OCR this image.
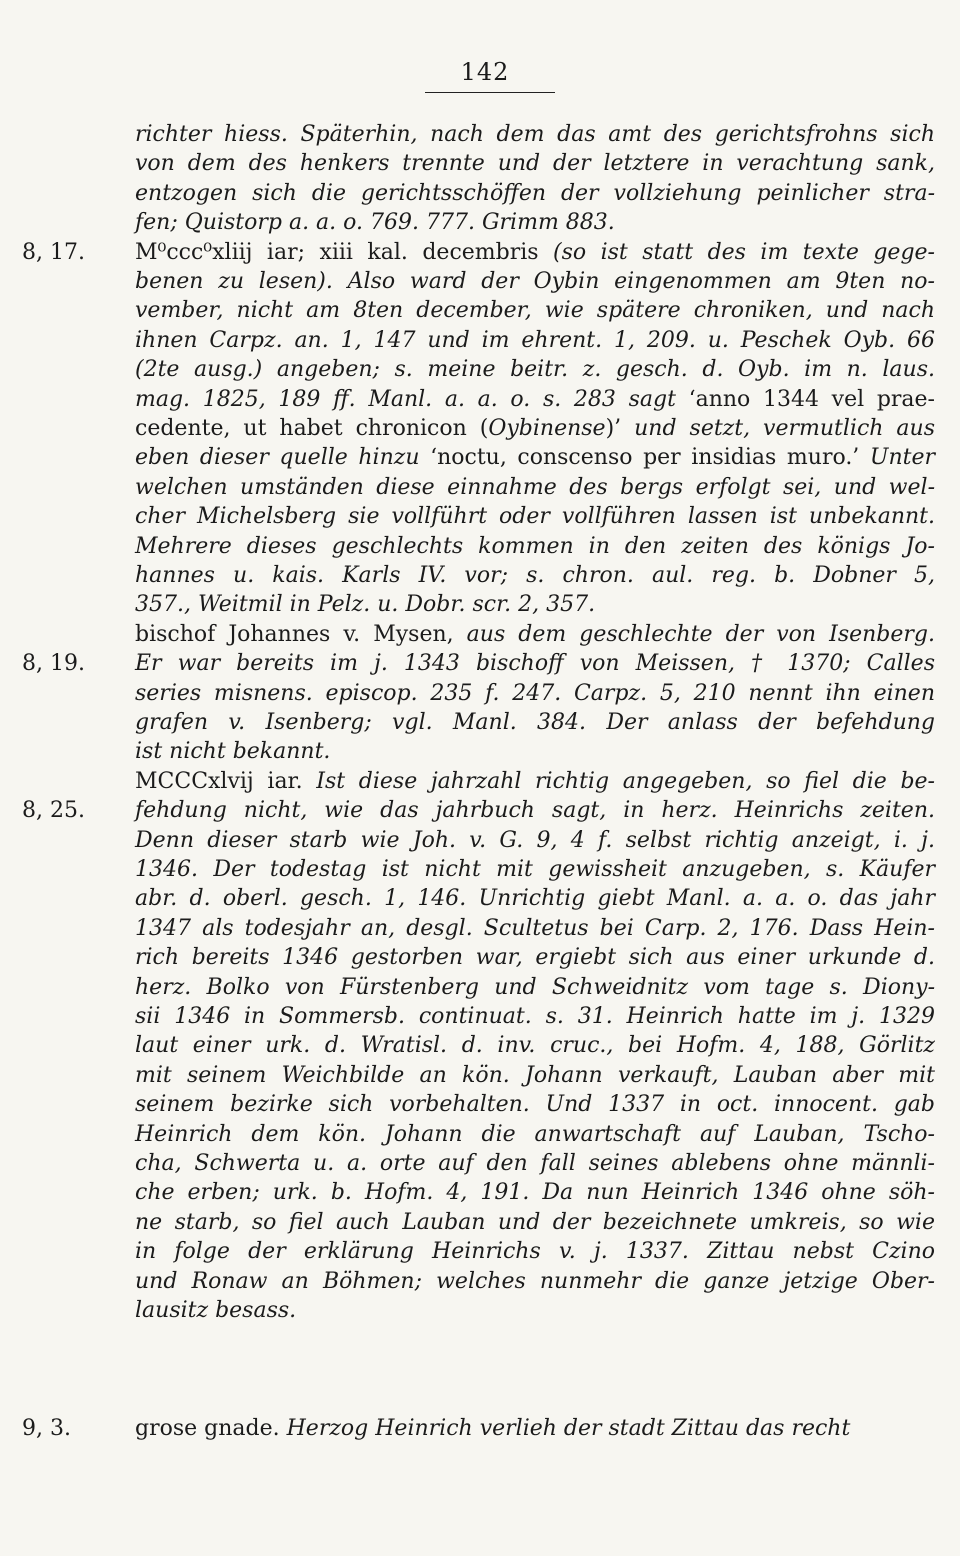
142
8, 17.
8, 19.
8, 25.
9, 3.
richter hiess. Späterhin, nach dem das amt des gerichtsfrohns sich
von dem des henkers trennte und der letztere in verachtung sank,
entzogen sich die gerichtsschöffen der vollziehung peinlicher stra-
fen; Quistorp a. a. o. 769. 777. Grimm 883.
M⁰ccc⁰xliij iar; xiii kal. decembris (so ist statt des im texte gege-
benen zu lesen). Also ward der Oybin eingenommen am 9ten no-
vember, nicht am 8ten december, wie spätere chroniken, und nach
ihnen Carpz. an. 1, 147 und im ehrent. 1, 209. u. Peschek Oyb. 66
(2te ausg.) angeben; s. meine beitr. z. gesch. d. Oyb. im n. laus.
mag. 1825, 189 ff. Manl. a. a. o. s. 283 sagt ‘anno 1344 vel prae-
cedente, ut habet chronicon (Oybinense)’ und setzt, vermutlich aus
eben dieser quelle hinzu ‘noctu, conscenso per insidias muro.’ Unter
welchen umständen diese einnahme des bergs erfolgt sei, und wel-
cher Michelsberg sie vollführt oder vollführen lassen ist unbekannt.
Mehrere dieses geschlechts kommen in den zeiten des königs Jo-
hannes u. kais. Karls IV. vor; s. chron. aul. reg. b. Dobner 5,
357., Weitmil in Pelz. u. Dobr. scr. 2, 357.
bischof Johannes v. Mysen, aus dem geschlechte der von Isenberg.
Er war bereits im j. 1343 bischoff von Meissen, † 1370; Calles
series misnens. episcop. 235 f. 247. Carpz. 5, 210 nennt ihn einen
grafen v. Isenberg; vgl. Manl. 384. Der anlass der befehdung
ist nicht bekannt.
MCCCxlvij iar. Ist diese jahrzahl richtig angegeben, so fiel die be-
fehdung nicht, wie das jahrbuch sagt, in herz. Heinrichs zeiten.
Denn dieser starb wie Joh. v. G. 9, 4 f. selbst richtig anzeigt, i. j.
1346. Der todestag ist nicht mit gewissheit anzugeben, s. Käufer
abr. d. oberl. gesch. 1, 146. Unrichtig giebt Manl. a. a. o. das jahr
1347 als todesjahr an, desgl. Scultetus bei Carp. 2, 176. Dass Hein-
rich bereits 1346 gestorben war, ergiebt sich aus einer urkunde d.
herz. Bolko von Fürstenberg und Schweidnitz vom tage s. Diony-
sii 1346 in Sommersb. continuat. s. 31. Heinrich hatte im j. 1329
laut einer urk. d. Wratisl. d. inv. cruc., bei Hofm. 4, 188, Görlitz
mit seinem Weichbilde an kön. Johann verkauft, Lauban aber mit
seinem bezirke sich vorbehalten. Und 1337 in oct. innocent. gab
Heinrich dem kön. Johann die anwartschaft auf Lauban, Tscho-
cha, Schwerta u. a. orte auf den fall seines ablebens ohne männli-
che erben; urk. b. Hofm. 4, 191. Da nun Heinrich 1346 ohne söh-
ne starb, so fiel auch Lauban und der bezeichnete umkreis, so wie
in folge der erklärung Heinrichs v. j. 1337. Zittau nebst Czino
und Ronaw an Böhmen; welches nunmehr die ganze jetzige Ober-
lausitz besass.
grose gnade. Herzog Heinrich verlieh der stadt Zittau das recht
